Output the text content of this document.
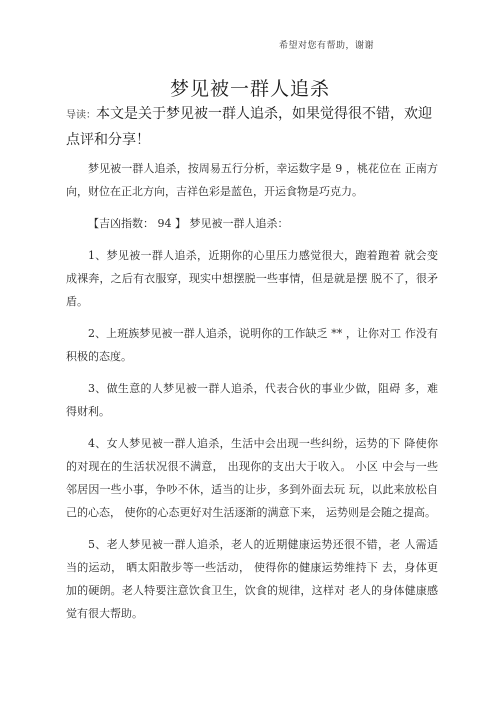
希望对您有帮助，谢谢
梦见被一群人追杀
导读：本文是关于梦见被一群人追杀，如果觉得很不错，欢迎 点评和分享！

梦见被一群人追杀，按周易五行分析，幸运数字是 9 ，桃花位在 正南方向，财位在正北方向，吉祥色彩是蓝色，开运食物是巧克力。

【吉凶指数： 94 】 梦见被一群人追杀：

1、梦见被一群人追杀，近期你的心里压力感觉很大，跑着跑着 就会变成裸奔，之后有衣服穿，现实中想摆脱一些事情，但是就是摆 脱不了，很矛盾。

2、上班族梦见被一群人追杀，说明你的工作缺乏 ** ，让你对工 作没有积极的态度。

3、做生意的人梦见被一群人追杀，代表合伙的事业少做，阻碍 多，难得财利。

4、女人梦见被一群人追杀，生活中会出现一些纠纷，运势的下 降使你的对现在的生活状况很不满意， 出现你的支出大于收入。 小区 中会与一些邻居因一些小事，争吵不休，适当的让步，多到外面去玩 玩，以此来放松自己的心态， 使你的心态更好对生活逐渐的满意下来， 运势则是会随之提高。

5、老人梦见被一群人追杀，老人的近期健康运势还很不错，老 人需适当的运动， 晒太阳散步等一些活动， 使得你的健康运势维持下 去，身体更加的硬朗。老人特要注意饮食卫生，饮食的规律，这样对 老人的身体健康感觉有很大帮助。
